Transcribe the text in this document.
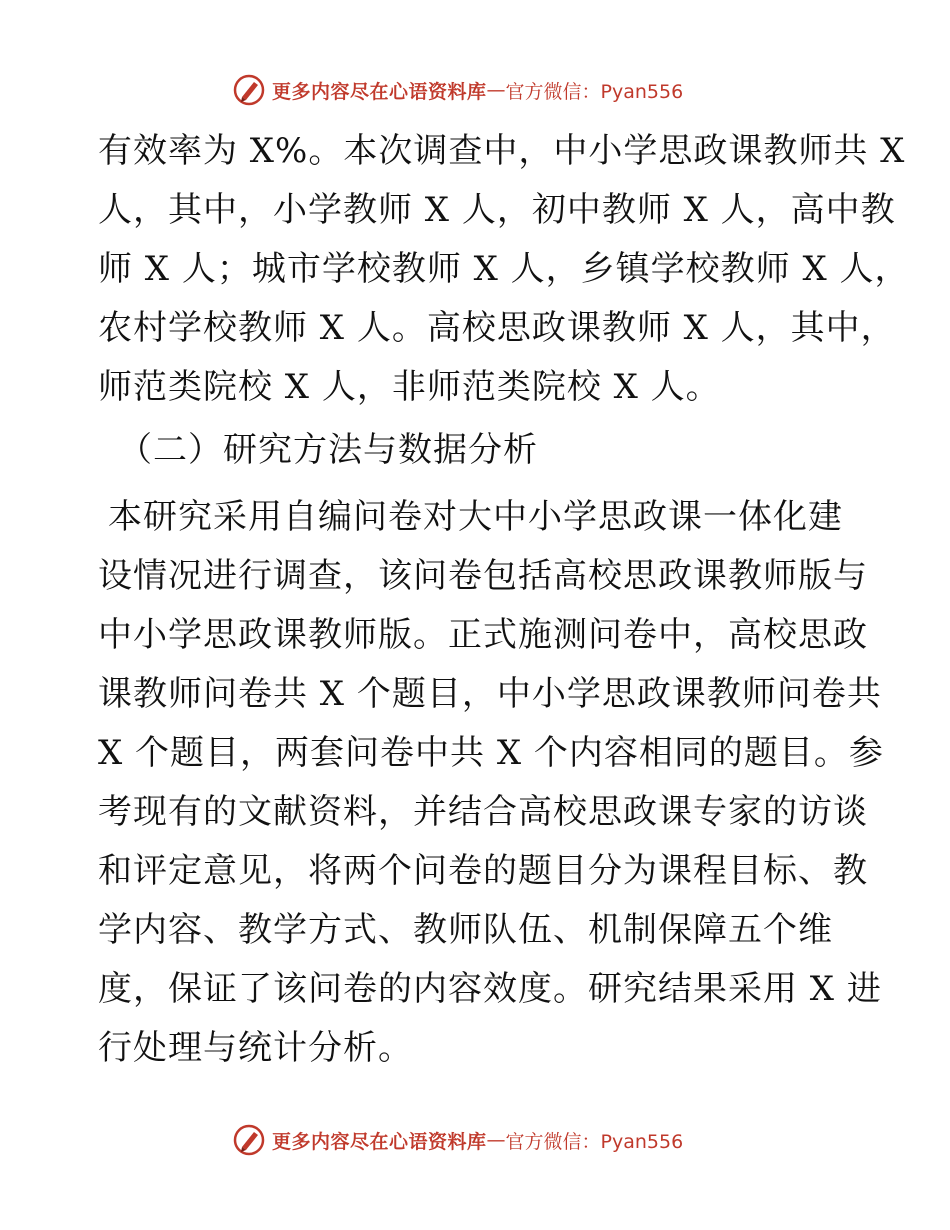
更多内容尽在心语资料库 — 官方微信：Pyan556
有效率为 X%。本次调查中，中小学思政课教师共 X
人，其中，小学教师 X 人，初中教师 X 人，高中教
师 X 人；城市学校教师 X 人，乡镇学校教师 X 人，
农村学校教师 X 人。高校思政课教师 X 人，其中，
师范类院校 X 人，非师范类院校 X 人。
（二）研究方法与数据分析
本研究采用自编问卷对大中小学思政课一体化建
设情况进行调查，该问卷包括高校思政课教师版与
中小学思政课教师版。正式施测问卷中，高校思政
课教师问卷共 X 个题目，中小学思政课教师问卷共
X 个题目，两套问卷中共 X 个内容相同的题目。参
考现有的文献资料，并结合高校思政课专家的访谈
和评定意见，将两个问卷的题目分为课程目标、教
学内容、教学方式、教师队伍、机制保障五个维
度，保证了该问卷的内容效度。研究结果采用 X 进
行处理与统计分析。
更多内容尽在心语资料库 — 官方微信：Pyan556
